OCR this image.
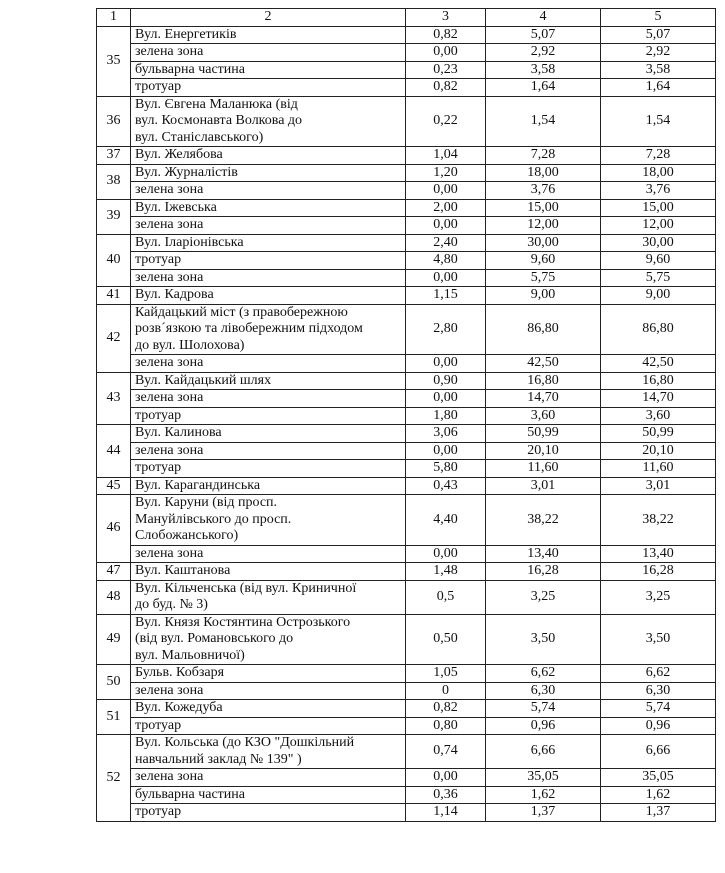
1	2	3	4	5
35	Вул. Енергетиків	0,82	5,07	5,07

	зелена зона	0,00	2,92	2,92

	бульварна частина	0,23	3,58	3,58

	тротуар	0,82	1,64	1,64
36	Вул. Євгена Маланюка (від
вул. Космонавта Волкова до
вул. Станіславського)	0,22	1,54	1,54
37	Вул. Желябова	1,04	7,28	7,28
38	Вул. Журналістів	1,20	18,00	18,00

	зелена зона	0,00	3,76	3,76
39	Вул. Іжевська	2,00	15,00	15,00

	зелена зона	0,00	12,00	12,00
40	Вул. Іларіонівська	2,40	30,00	30,00

	тротуар	4,80	9,60	9,60

	зелена зона	0,00	5,75	5,75
41	Вул. Кадрова	1,15	9,00	9,00
42	Кайдацький міст (з правобережною
розв´язкою та лівобережним підходом
до вул. Шолохова)	2,80	86,80	86,80

	зелена зона	0,00	42,50	42,50
43	Вул. Кайдацький шлях	0,90	16,80	16,80

	зелена зона	0,00	14,70	14,70

	тротуар	1,80	3,60	3,60
44	Вул. Калинова	3,06	50,99	50,99

	зелена зона	0,00	20,10	20,10

	тротуар	5,80	11,60	11,60
45	Вул. Карагандинська	0,43	3,01	3,01
46	Вул. Каруни (від просп.
Мануйлівського до просп.
Слобожанського)	4,40	38,22	38,22

	зелена зона	0,00	13,40	13,40
47	Вул. Каштанова	1,48	16,28	16,28
48	Вул. Кільченська (від вул. Криничної
до буд. № 3)	0,5	3,25	3,25
49	Вул. Князя Костянтина Острозького
(від вул. Романовського до
вул. Мальовничої)	0,50	3,50	3,50
50	Бульв. Кобзаря	1,05	6,62	6,62

	зелена зона	0	6,30	6,30
51	Вул. Кожедуба	0,82	5,74	5,74

	тротуар	0,80	0,96	0,96
52	Вул. Кольська (до КЗО "Дошкільний
навчальний заклад № 139" )	0,74	6,66	6,66

	зелена зона	0,00	35,05	35,05

	бульварна частина	0,36	1,62	1,62

	тротуар	1,14	1,37	1,37
